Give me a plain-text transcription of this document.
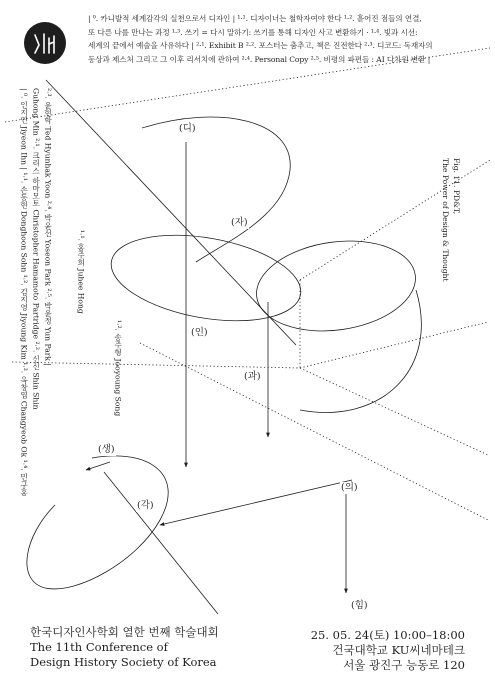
| ⁰. 카니발적 세계감각의 실천으로서 디자인 | ¹·¹. 디자이너는 철학자여야 한다 ¹·². 흩어진 점들의 연결,

또 다른 나를 만나는 과정 ¹·³. 쓰기 = 다시 말하기: 쓰기를 통해 디자인 사고 변환하기 · ¹·⁴. 빛과 시선:

세계의 끝에서 예술을 사유하다 | ²·¹. Exhibit B ²·². 포스터는 춤추고, 책은 진전한다 ²·³. 디코드: 독재자의

동상과 제스처 그리고 그 이후 리서치에 관하여 ²·⁴. Personal Copy ²·⁵. 비평의 파편들 : AI 다차원 변환 |

| ⁰. 인지연 Jiyeon Ihn | ¹·¹. 손동현 Donghoon Sohn ¹·². 김지영 Jiyoung Kim ¹·³. 옥창엽 Changyeob Ok ¹·⁴. 민구홍 Guhong Min ²·¹. 크리스 하마모토 Christopher Hamamoto Partridge ²·². 신신 Shin Shin ²·³. 윤현학 Ted Hyunhak Yoon ²·⁴. 박윤선 Yoseon Park ²·⁵. 박윤정 Yun Park |	¹·¹. 홍주희 Juhee Hong
¹·². 송주형 Jooyoung Song
Fig. 11. PD&T,
The Power of Design & Thought
(디)
(자)
(인)
(과)
(생)
(각)
(의)
(힘)
한국디자인사학회 열한 번째 학술대회
The 11th Conference of
Design History Society of Korea
25. 05. 24(토) 10:00–18:00
건국대학교 KU씨네마테크
서울 광진구 능동로 120
